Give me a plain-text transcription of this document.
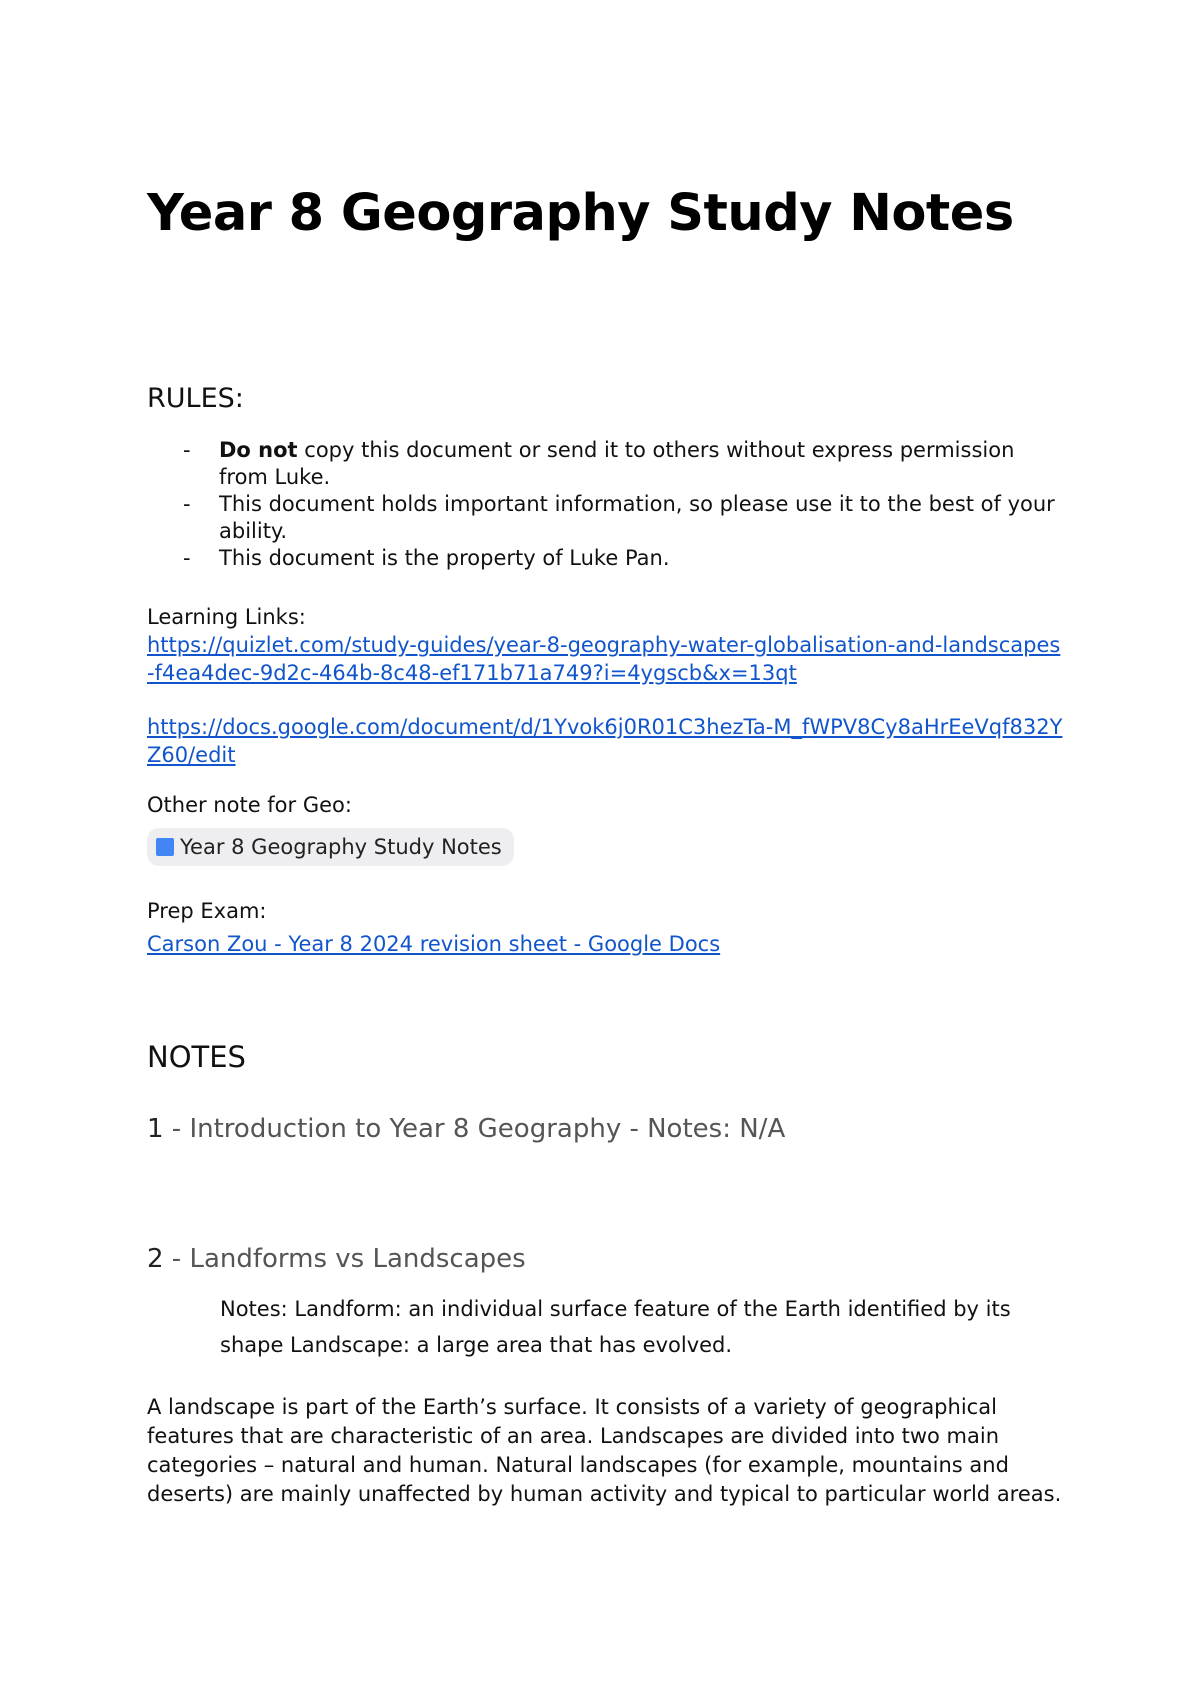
Year 8 Geography Study Notes
RULES:
- Do not copy this document or send it to others without express permission from Luke.
- This document holds important information, so please use it to the best of your ability.
- This document is the property of Luke Pan.

Learning Links:

https://quizlet.com/study-guides/year-8-geography-water-globalisation-and-landscapes-f4ea4dec-9d2c-464b-8c48-ef171b71a749?i=4ygscb&x=13qt

https://docs.google.com/document/d/1Yvok6j0R01C3hezTa-M_fWPV8Cy8aHrEeVqf832YZ60/edit

Other note for Geo:

Year 8 Geography Study Notes

Prep Exam:

Carson Zou - Year 8 2024 revision sheet - Google Docs

NOTES
1 - Introduction to Year 8 Geography - Notes: N/A
2 - Landforms vs Landscapes

Notes: Landform: an individual surface feature of the Earth identified by its shape Landscape: a large area that has evolved.

A landscape is part of the Earth’s surface. It consists of a variety of geographical features that are characteristic of an area. Landscapes are divided into two main categories – natural and human. Natural landscapes (for example, mountains and deserts) are mainly unaffected by human activity and typical to particular world areas.
